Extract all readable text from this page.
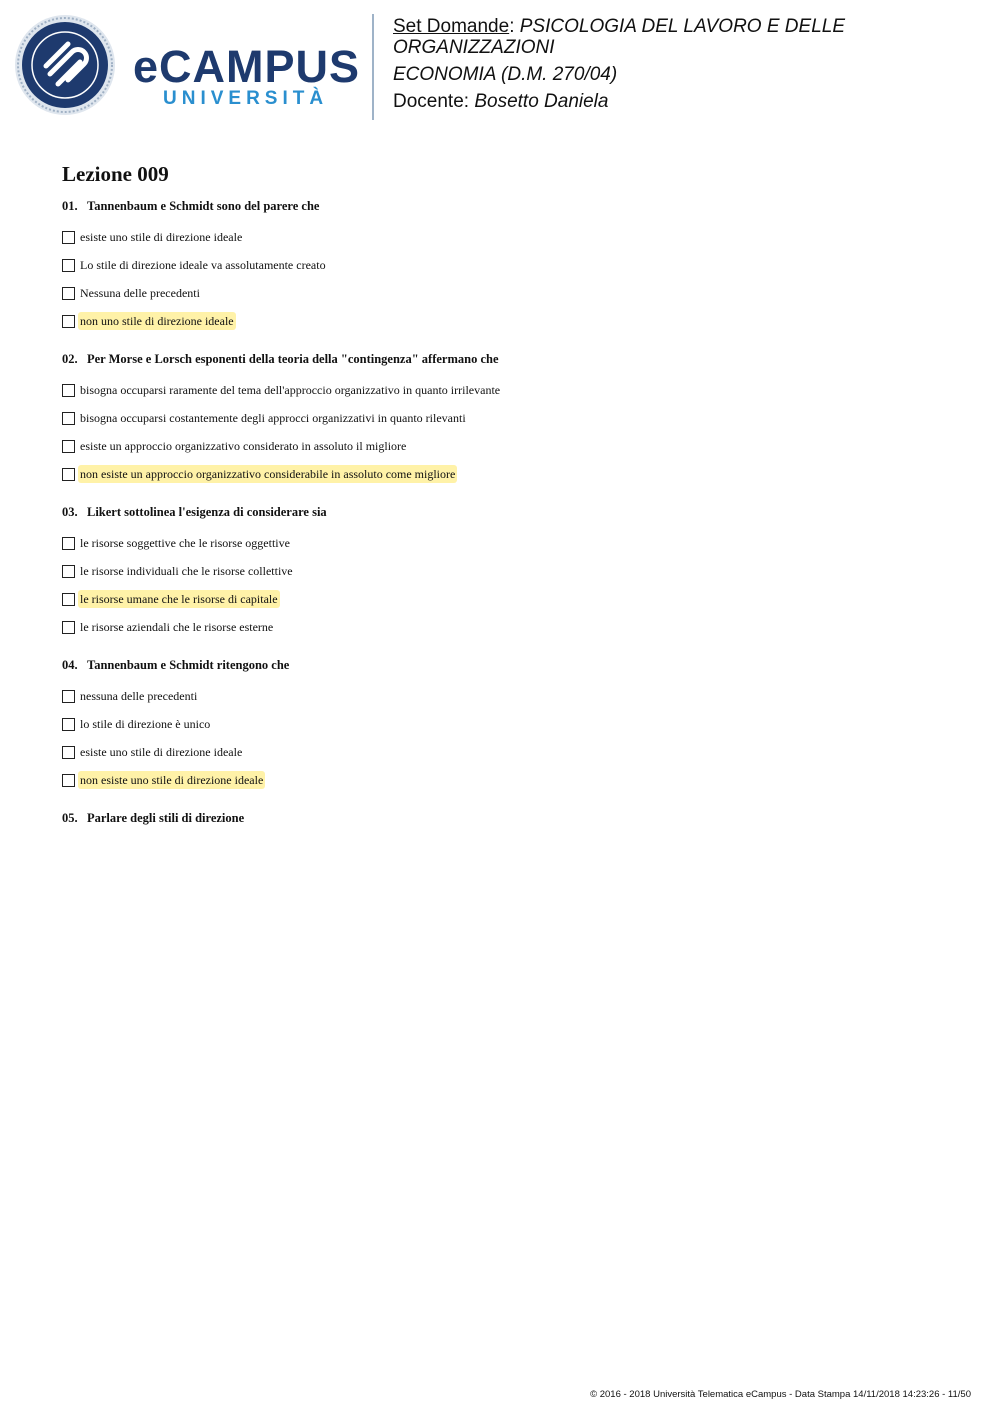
eCAMPUS
UNIVERSITÀ

Set Domande: PSICOLOGIA DEL LAVORO E DELLE

ORGANIZZAZIONI

ECONOMIA (D.M. 270/04)

Docente: Bosetto Daniela

Lezione 009

01. Tannenbaum e Schmidt sono del parere che

esiste uno stile di direzione ideale
Lo stile di direzione ideale va assolutamente creato
Nessuna delle precedenti
non uno stile di direzione ideale

02. Per Morse e Lorsch esponenti della teoria della "contingenza" affermano che

bisogna occuparsi raramente del tema dell'approccio organizzativo in quanto irrilevante
bisogna occuparsi costantemente degli approcci organizzativi in quanto rilevanti
esiste un approccio organizzativo considerato in assoluto il migliore
non esiste un approccio organizzativo considerabile in assoluto come migliore

03. Likert sottolinea l'esigenza di considerare sia

le risorse soggettive che le risorse oggettive
le risorse individuali che le risorse collettive
le risorse umane che le risorse di capitale
le risorse aziendali che le risorse esterne

04. Tannenbaum e Schmidt ritengono che

nessuna delle precedenti
lo stile di direzione è unico
esiste uno stile di direzione ideale
non esiste uno stile di direzione ideale

05. Parlare degli stili di direzione

© 2016 - 2018 Università Telematica eCampus - Data Stampa 14/11/2018 14:23:26 - 11/50
